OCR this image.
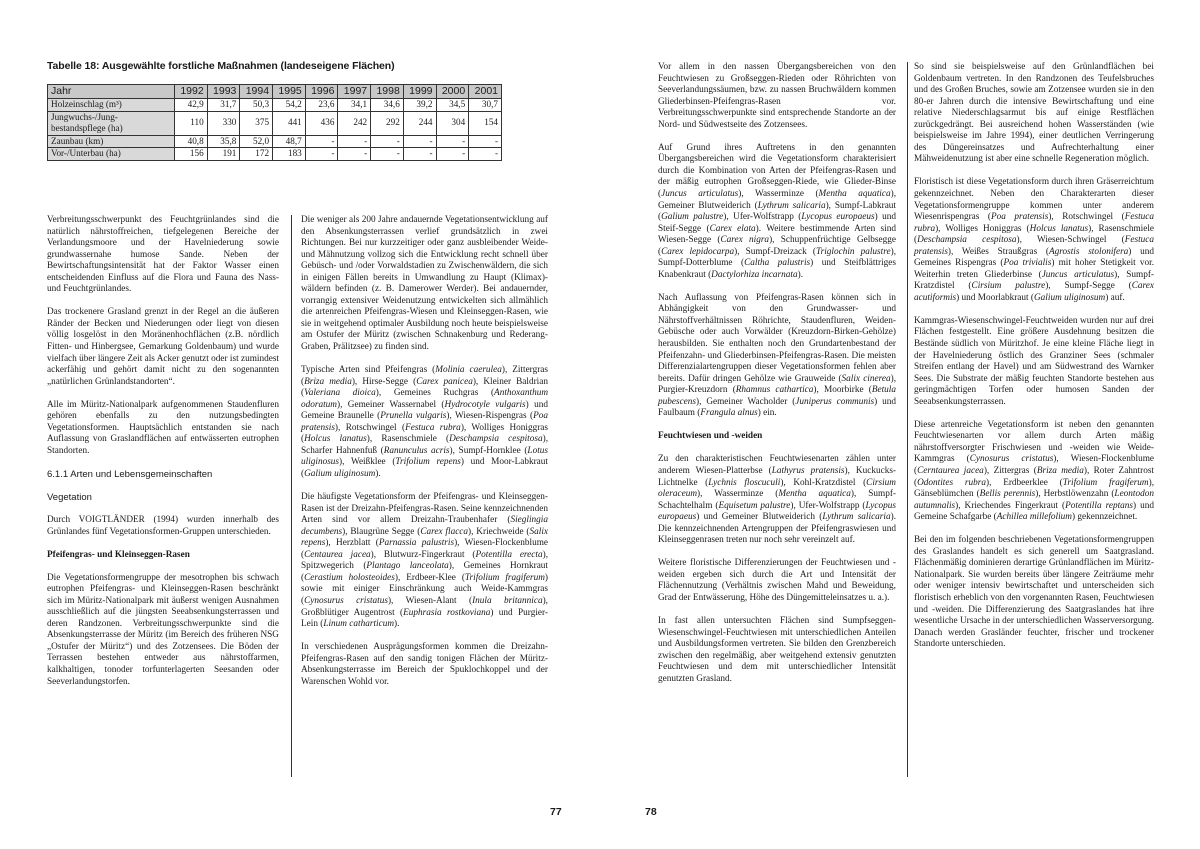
Tabelle 18: Ausgewählte forstliche Maßnahmen (landeseigene Flächen)
Jahr	1992	1993	1994	1995	1996	1997	1998	1999	2000	2001
Holzeinschlag (m³)	42,9	31,7	50,3	54,2	23,6	34,1	34,6	39,2	34,5	30,7
Jungwuchs-/Jung-
bestandspflege (ha)	110	330	375	441	436	242	292	244	304	154
Zaunbau (km)	40,8	35,8	52,0	48,7	-	-	-	-	-	-
Vor-/Unterbau (ha)	156	191	172	183	-	-	-	-	-	-

Verbreitungsschwerpunkt des Feuchtgrünlandes sind die natürlich nährstoffreichen, tiefgelegenen Bereiche der Verlandungsmoore und der Havelniederung sowie grundwassernahe humose Sande. Neben der Bewirtschaftungsintensität hat der Faktor Wasser einen entscheidenden Einfluss auf die Flora und Fauna des Nass- und Feuchtgrünlandes.

Das trockenere Grasland grenzt in der Regel an die äußeren Ränder der Becken und Niederungen oder liegt von diesen völlig losgelöst in den Moränenhochflächen (z.B. nördlich Fitten- und Hinbergsee, Gemarkung Goldenbaum) und wurde vielfach über längere Zeit als Acker genutzt oder ist zumindest ackerfähig und gehört damit nicht zu den sogenannten „natürlichen Grünlandstandorten“.

Alle im Müritz-Nationalpark aufgenommenen Staudenfluren gehören ebenfalls zu den nutzungsbedingten Vegetationsformen. Hauptsächlich entstanden sie nach Auflassung von Graslandflächen auf entwässerten eutrophen Standorten.

6.1.1 Arten und Lebensgemeinschaften
Vegetation

Durch VOIGTLÄNDER (1994) wurden innerhalb des Grünlandes fünf Vegetationsformen-Gruppen unterschieden.

Pfeifengras- und Kleinseggen-Rasen

Die Vegetationsformengruppe der mesotrophen bis schwach eutrophen Pfeifengras- und Kleinseggen-Rasen beschränkt sich im Müritz-Nationalpark mit äußerst wenigen Ausnahmen ausschließlich auf die jüngsten Seeabsenkungsterrassen und deren Randzonen. Verbreitungsschwerpunkte sind die Absenkungsterrasse der Müritz (im Bereich des früheren NSG „Ostufer der Müritz“) und des Zotzensees. Die Böden der Terrassen bestehen entweder aus nährstoffarmen, kalkhaltigen, tonoder torfunterlagerten Seesanden oder Seeverlandungstorfen.

Die weniger als 200 Jahre andauernde Vegetationsentwicklung auf den Absenkungsterrassen verlief grundsätzlich in zwei Richtungen. Bei nur kurzzeitiger oder ganz ausbleibender Weide- und Mähnutzung vollzog sich die Entwicklung recht schnell über Gebüsch- und /oder Vorwaldstadien zu Zwischenwäldern, die sich in einigen Fällen bereits in Umwandlung zu Haupt (Klimax)- wäldern befinden (z. B. Damerower Werder). Bei andauernder, vorrangig extensiver Weidenutzung entwickelten sich allmählich die artenreichen Pfeifengras-Wiesen und Kleinseggen-Rasen, wie sie in weitgehend optimaler Ausbildung noch heute beispielsweise am Ostufer der Müritz (zwischen Schnakenburg und Rederang-Graben, Prälitzsee) zu finden sind.

Typische Arten sind Pfeifengras (Molinia caerulea), Zittergras (Briza media), Hirse-Segge (Carex panicea), Kleiner Baldrian (Valeriana dioica), Gemeines Ruchgras (Anthoxanthum odoratum), Gemeiner Wassernabel (Hydrocotyle vulgaris) und Gemeine Braunelle (Prunella vulgaris), Wiesen-Rispengras (Poa pratensis), Rotschwingel (Festuca rubra), Wolliges Honiggras (Holcus lanatus), Rasenschmiele (Deschampsia cespitosa), Scharfer Hahnenfuß (Ranunculus acris), Sumpf-Hornklee (Lotus uliginosus), Weißklee (Trifolium repens) und Moor-Labkraut (Galium uliginosum).

Die häufigste Vegetationsform der Pfeifengras- und Kleinseggen-Rasen ist der Dreizahn-Pfeifengras-Rasen. Seine kennzeichnenden Arten sind vor allem Dreizahn-Traubenhafer (Sieglingia decumbens), Blaugrüne Segge (Carex flacca), Kriechweide (Salix repens), Herzblatt (Parnassia palustris), Wiesen-Flockenblume (Centaurea jacea), Blutwurz-Fingerkraut (Potentilla erecta), Spitzwegerich (Plantago lanceolata), Gemeines Hornkraut (Cerastium holosteoides), Erdbeer-Klee (Trifolium fragiferum) sowie mit einiger Einschränkung auch Weide-Kammgras (Cynosurus cristatus), Wiesen-Alant (Inula britannica), Großblütiger Augentrost (Euphrasia rostkoviana) und Purgier-Lein (Linum catharticum).

In verschiedenen Ausprägungsformen kommen die Dreizahn-Pfeifengras-Rasen auf den sandig tonigen Flächen der Müritz-Absenkungsterrasse im Bereich der Spuklochkoppel und der Warenschen Wohld vor.

77

Vor allem in den nassen Übergangsbereichen von den Feuchtwiesen zu Großseggen-Rieden oder Röhrichten von Seeverlandungssäumen, bzw. zu nassen Bruchwäldern kommen Gliederbinsen-Pfeifengras-Rasen vor. Verbreitungsschwerpunkte sind entsprechende Standorte an der Nord- und Südwestseite des Zotzensees.

Auf Grund ihres Auftretens in den genannten Übergangsbereichen wird die Vegetationsform charakterisiert durch die Kombination von Arten der Pfeifengras-Rasen und der mäßig eutrophen Großseggen-Riede, wie Glieder-Binse (Juncus articulatus), Wasserminze (Mentha aquatica), Gemeiner Blutweiderich (Lythrum salicaria), Sumpf-Labkraut (Galium palustre), Ufer-Wolfstrapp (Lycopus europaeus) und Steif-Segge (Carex elata). Weitere bestimmende Arten sind Wiesen-Segge (Carex nigra), Schuppenfrüchtige Gelbsegge (Carex lepidocarpa), Sumpf-Dreizack (Triglochin palustre), Sumpf-Dotterblume (Caltha palustris) und Steifblättriges Knabenkraut (Dactylorhiza incarnata).

Nach Auflassung von Pfeifengras-Rasen können sich in Abhängigkeit von den Grundwasser- und Nährstoffverhältnissen Röhrichte, Staudenfluren, Weiden-Gebüsche oder auch Vorwälder (Kreuzdorn-Birken-Gehölze) herausbilden. Sie enthalten noch den Grundartenbestand der Pfeifenzahn- und Gliederbinsen-Pfeifengras-Rasen. Die meisten Differenzialartengruppen dieser Vegetationsformen fehlen aber bereits. Dafür dringen Gehölze wie Grauweide (Salix cinerea), Purgier-Kreuzdorn (Rhamnus cathartica), Moorbirke (Betula pubescens), Gemeiner Wacholder (Juniperus communis) und Faulbaum (Frangula alnus) ein.

Feuchtwiesen und -weiden

Zu den charakteristischen Feuchtwiesenarten zählen unter anderem Wiesen-Platterbse (Lathyrus pratensis), Kuckucks-Lichtnelke (Lychnis floscuculi), Kohl-Kratzdistel (Cirsium oleraceum), Wasserminze (Mentha aquatica), Sumpf-Schachtelhalm (Equisetum palustre), Ufer-Wolfstrapp (Lycopus europaeus) und Gemeiner Blutweiderich (Lythrum salicaria). Die kennzeichnenden Artengruppen der Pfeifengraswiesen und Kleinseggenrasen treten nur noch sehr vereinzelt auf.

Weitere floristische Differenzierungen der Feuchtwiesen und -weiden ergeben sich durch die Art und Intensität der Flächennutzung (Verhältnis zwischen Mahd und Beweidung, Grad der Entwässerung, Höhe des Düngemitteleinsatzes u. a.).

In fast allen untersuchten Flächen sind Sumpfseggen-Wiesenschwingel-Feuchtwiesen mit unterschiedlichen Anteilen und Ausbildungsformen vertreten. Sie bilden den Grenzbereich zwischen den regelmäßig, aber weitgehend extensiv genutzten Feuchtwiesen und dem mit unterschiedlicher Intensität genutzten Grasland.

So sind sie beispielsweise auf den Grünlandflächen bei Goldenbaum vertreten. In den Randzonen des Teufelsbruches und des Großen Bruches, sowie am Zotzensee wurden sie in den 80-er Jahren durch die intensive Bewirtschaftung und eine relative Niederschlagsarmut bis auf einige Restflächen zurückgedrängt. Bei ausreichend hohen Wasserständen (wie beispielsweise im Jahre 1994), einer deutlichen Verringerung des Düngereinsatzes und Aufrechterhaltung einer Mähweidenutzung ist aber eine schnelle Regeneration möglich.

Floristisch ist diese Vegetationsform durch ihren Gräserreichtum gekennzeichnet. Neben den Charakterarten dieser Vegetationsformengruppe kommen unter anderem Wiesenrispengras (Poa pratensis), Rotschwingel (Festuca rubra), Wolliges Honiggras (Holcus lanatus), Rasenschmiele (Deschampsia cespitosa), Wiesen-Schwingel (Festuca pratensis), Weißes Straußgras (Agrostis stolonifera) und Gemeines Rispengras (Poa trivialis) mit hoher Stetigkeit vor. Weiterhin treten Gliederbinse (Juncus articulatus), Sumpf-Kratzdistel (Cirsium palustre), Sumpf-Segge (Carex acutiformis) und Moorlabkraut (Galium uliginosum) auf.

Kammgras-Wiesenschwingel-Feuchtweiden wurden nur auf drei Flächen festgestellt. Eine größere Ausdehnung besitzen die Bestände südlich von Müritzhof. Je eine kleine Fläche liegt in der Havelniederung östlich des Granziner Sees (schmaler Streifen entlang der Havel) und am Südwestrand des Warnker Sees. Die Substrate der mäßig feuchten Standorte bestehen aus geringmächtigen Torfen oder humosen Sanden der Seeabsenkungsterrassen.

Diese artenreiche Vegetationsform ist neben den genannten Feuchtwiesenarten vor allem durch Arten mäßig nährstoffversorgter Frischwiesen und -weiden wie Weide-Kammgras (Cynosurus cristatus), Wiesen-Flockenblume (Cerntaurea jacea), Zittergras (Briza media), Roter Zahntrost (Odontites rubra), Erdbeerklee (Trifolium fragiferum), Gänseblümchen (Bellis perennis), Herbstlöwenzahn (Leontodon autumnalis), Kriechendes Fingerkraut (Potentilla reptans) und Gemeine Schafgarbe (Achillea millefolium) gekennzeichnet.

Bei den im folgenden beschriebenen Vegetationsformengruppen des Graslandes handelt es sich generell um Saatgrasland. Flächenmäßig dominieren derartige Grünlandflächen im Müritz-Nationalpark. Sie wurden bereits über längere Zeiträume mehr oder weniger intensiv bewirtschaftet und unterscheiden sich floristisch erheblich von den vorgenannten Rasen, Feuchtwiesen und -weiden. Die Differenzierung des Saatgraslandes hat ihre wesentliche Ursache in der unterschiedlichen Wasserversorgung. Danach werden Grasländer feuchter, frischer und trockener Standorte unterschieden.

78
